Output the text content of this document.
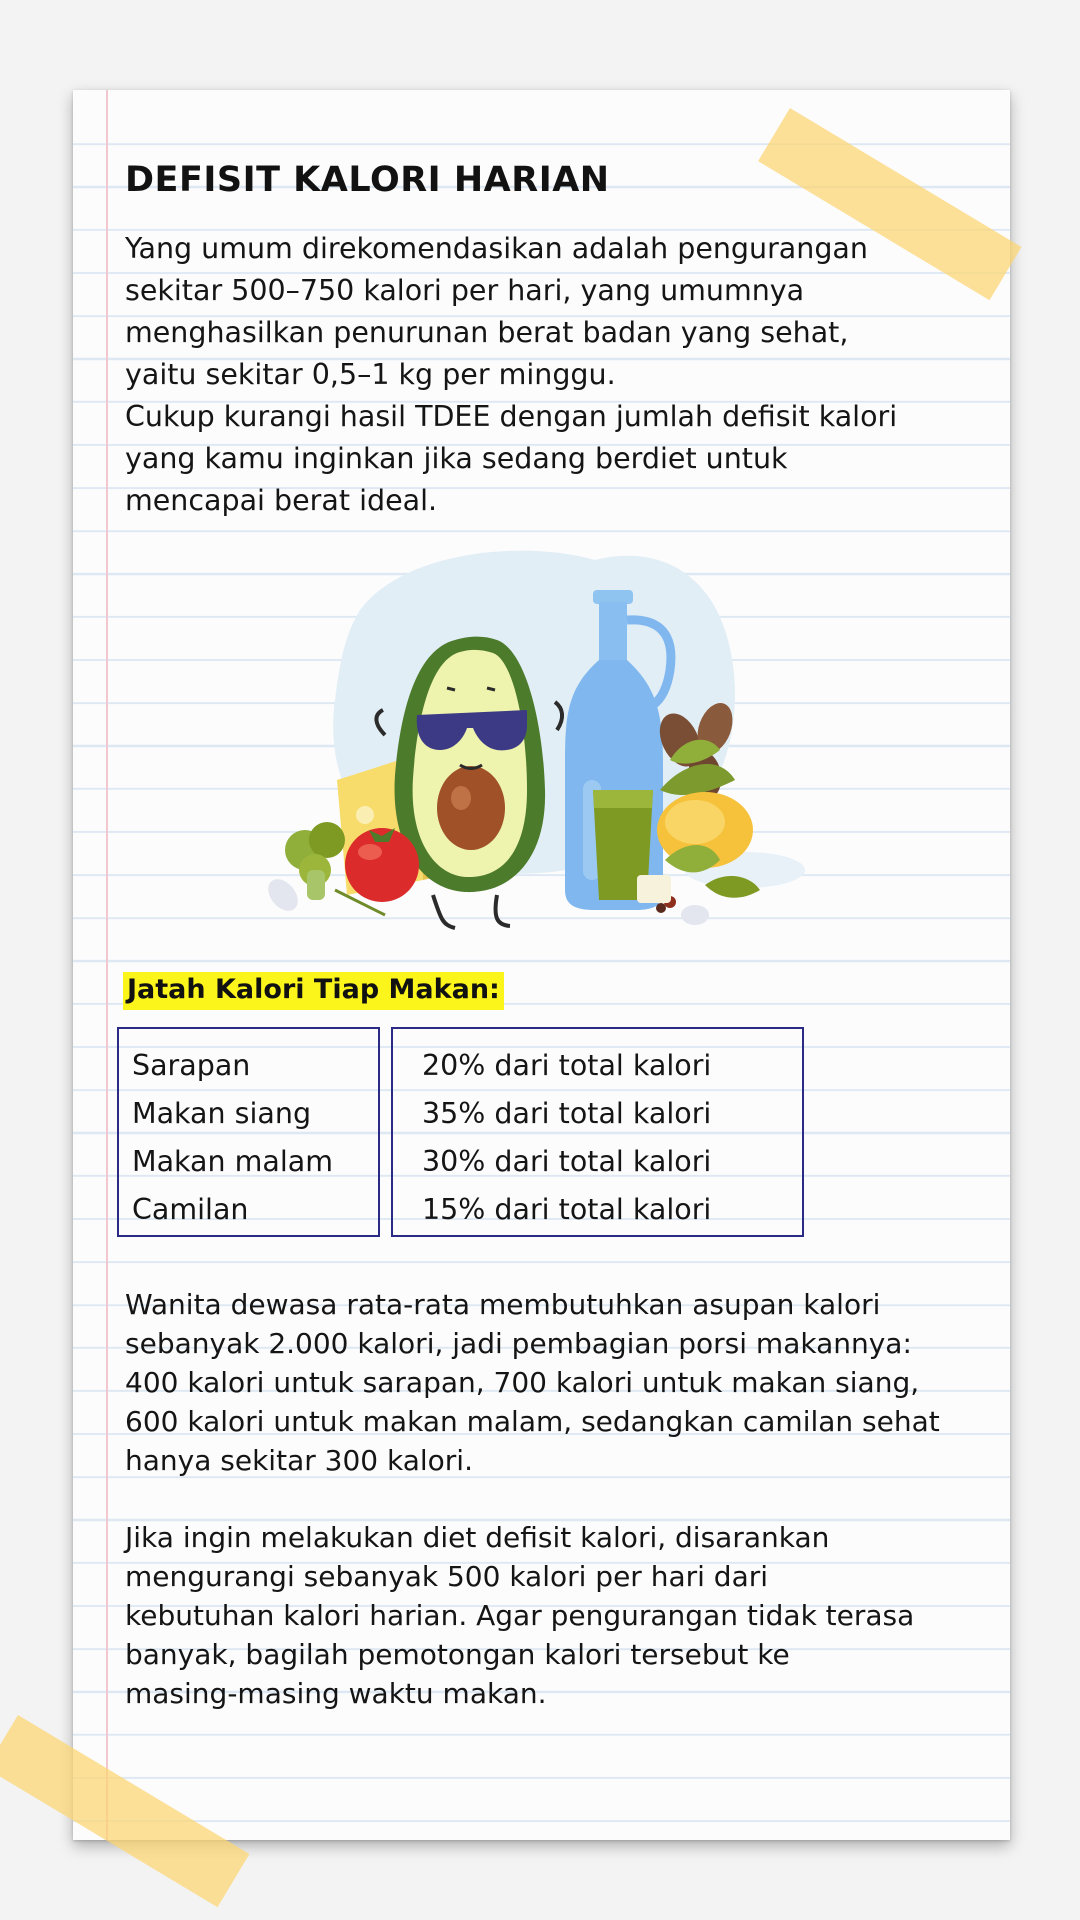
DEFISIT KALORI HARIAN

Yang umum direkomendasikan adalah pengurangan
sekitar 500–750 kalori per hari, yang umumnya
menghasilkan penurunan berat badan yang sehat,
yaitu sekitar 0,5–1 kg per minggu.
Cukup kurangi hasil TDEE dengan jumlah defisit kalori
yang kamu inginkan jika sedang berdiet untuk
mencapai berat ideal.

Jatah Kalori Tiap Makan:
Sarapan
Makan siang
Makan malam
Camilan
20% dari total kalori
35% dari total kalori
30% dari total kalori
15% dari total kalori

Wanita dewasa rata-rata membutuhkan asupan kalori
sebanyak 2.000 kalori, jadi pembagian porsi makannya:
400 kalori untuk sarapan, 700 kalori untuk makan siang,
600 kalori untuk makan malam, sedangkan camilan sehat
hanya sekitar 300 kalori.

Jika ingin melakukan diet defisit kalori, disarankan
mengurangi sebanyak 500 kalori per hari dari
kebutuhan kalori harian. Agar pengurangan tidak terasa
banyak, bagilah pemotongan kalori tersebut ke
masing-masing waktu makan.
